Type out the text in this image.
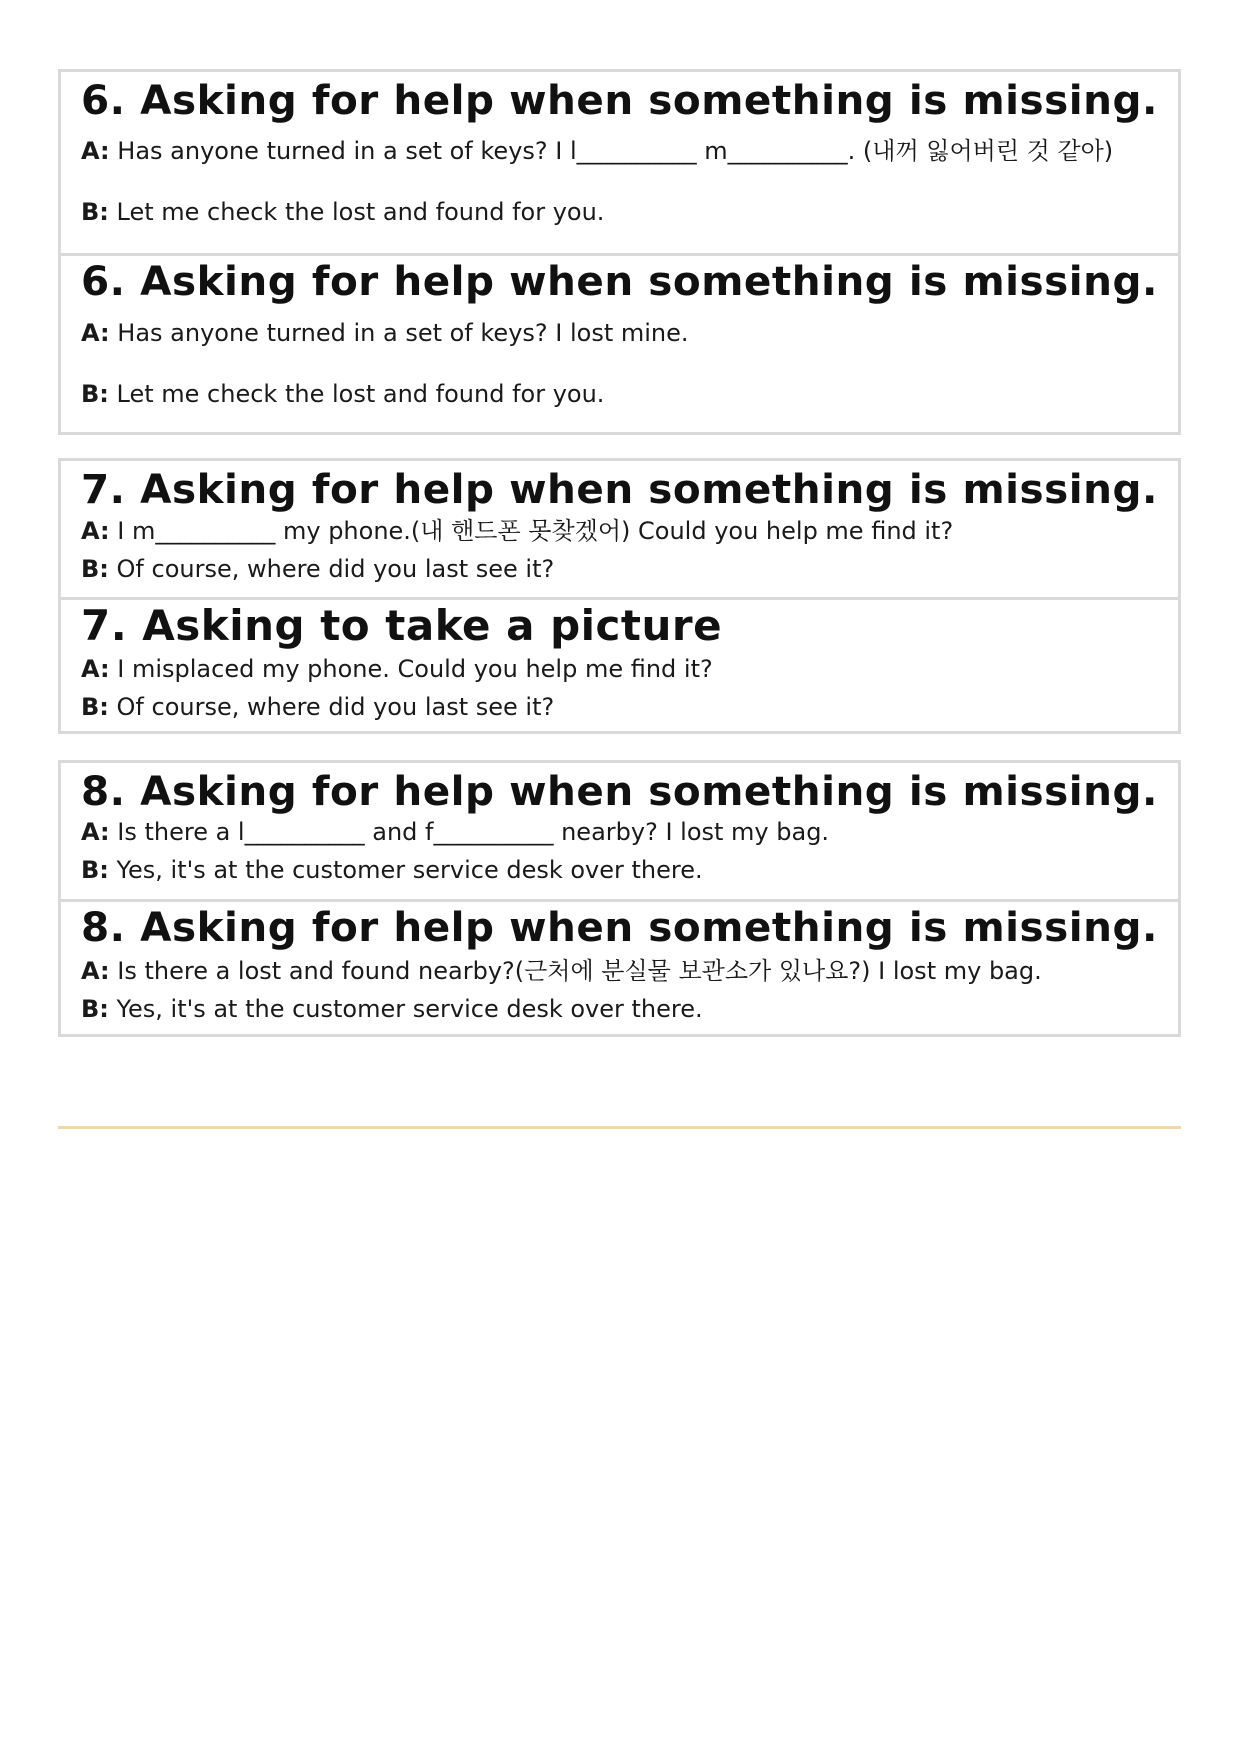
6. Asking for help when something is missing.

A: Has anyone turned in a set of keys? I l__________ m__________. (내꺼 잃어버린 것 같아)

B: Let me check the lost and found for you.

6. Asking for help when something is missing.

A: Has anyone turned in a set of keys? I lost mine.

B: Let me check the lost and found for you.

7. Asking for help when something is missing.

A: I m__________ my phone.(내 핸드폰 못찾겠어) Could you help me find it?

B: Of course, where did you last see it?

7. Asking to take a picture

A: I misplaced my phone. Could you help me find it?

B: Of course, where did you last see it?

8. Asking for help when something is missing.

A: Is there a l__________ and f__________ nearby? I lost my bag.

B: Yes, it's at the customer service desk over there.

8. Asking for help when something is missing.

A: Is there a lost and found nearby?(근처에 분실물 보관소가 있나요?) I lost my bag.

B: Yes, it's at the customer service desk over there.
